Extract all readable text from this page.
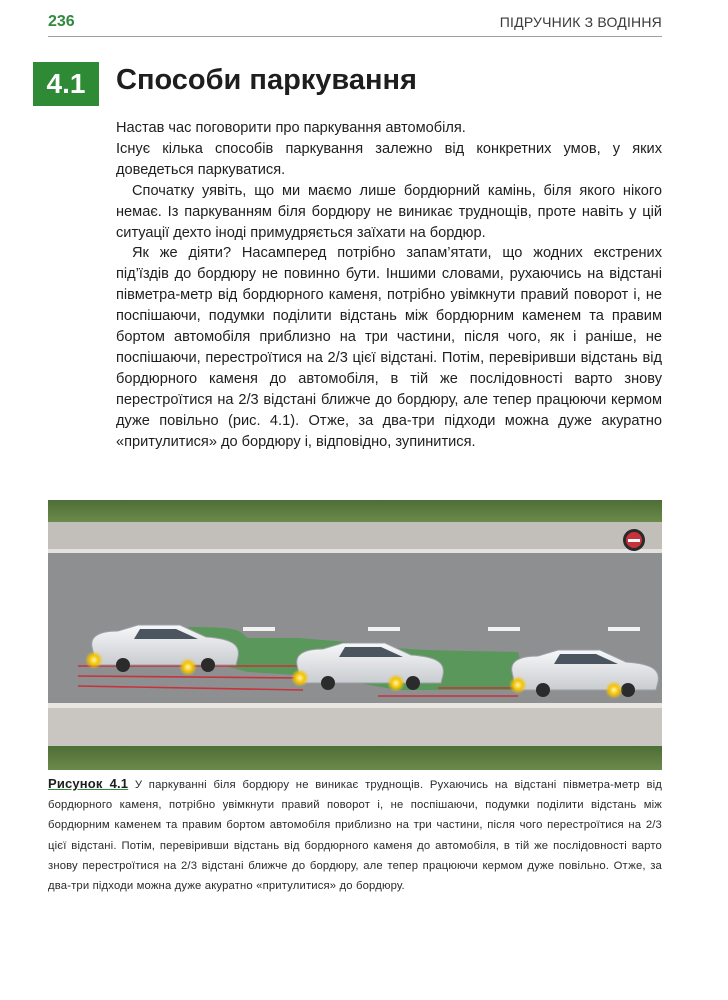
236	ПІДРУЧНИК З ВОДІННЯ
4.1	Способи паркування

Настав час поговорити про паркування автомобіля.

Існує кілька способів паркування залежно від конкретних умов, у яких доведеться паркуватися.

Спочатку уявіть, що ми маємо лише бордюрний камінь, біля якого нікого немає. Із паркуванням біля бордюру не виникає труднощів, проте навіть у цій ситуації дехто іноді примудряється заїхати на бордюр.

Як же діяти? Насамперед потрібно запам’ятати, що жодних екстрених під’їздів до бордюру не повинно бути. Іншими словами, рухаючись на відстані півметра-метр від бордюрного каменя, потрібно увімкнути правий поворот і, не поспішаючи, подумки поділити відстань між бордюрним каменем та правим бортом автомобіля приблизно на три частини, після чого, як і раніше, не поспішаючи, перестроїтися на 2/3 цієї відстані. Потім, перевіривши відстань від бордюрного каменя до автомобіля, в тій же послідовності варто знову перестроїтися на 2/3 відстані ближче до бордюру, але тепер працюючи кермом дуже повільно (рис. 4.1). Отже, за два-три підходи можна дуже акуратно «притулитися» до бордюру і, відповідно, зупинитися.

Рисунок 4.1 У паркуванні біля бордюру не виникає труднощів. Рухаючись на відстані півметра-метр від бордюрного каменя, потрібно увімкнути правий поворот і, не поспішаючи, подумки поділити відстань між бордюрним каменем та правим бортом автомобіля приблизно на три частини, після чого перестроїтися на 2/3 цієї відстані. Потім, перевіривши відстань від бордюрного каменя до автомобіля, в тій же послідовності варто знову перестроїтися на 2/3 відстані ближче до бордюру, але тепер працюючи кермом дуже повільно. Отже, за два-три підходи можна дуже акуратно «притулитися» до бордюру.
